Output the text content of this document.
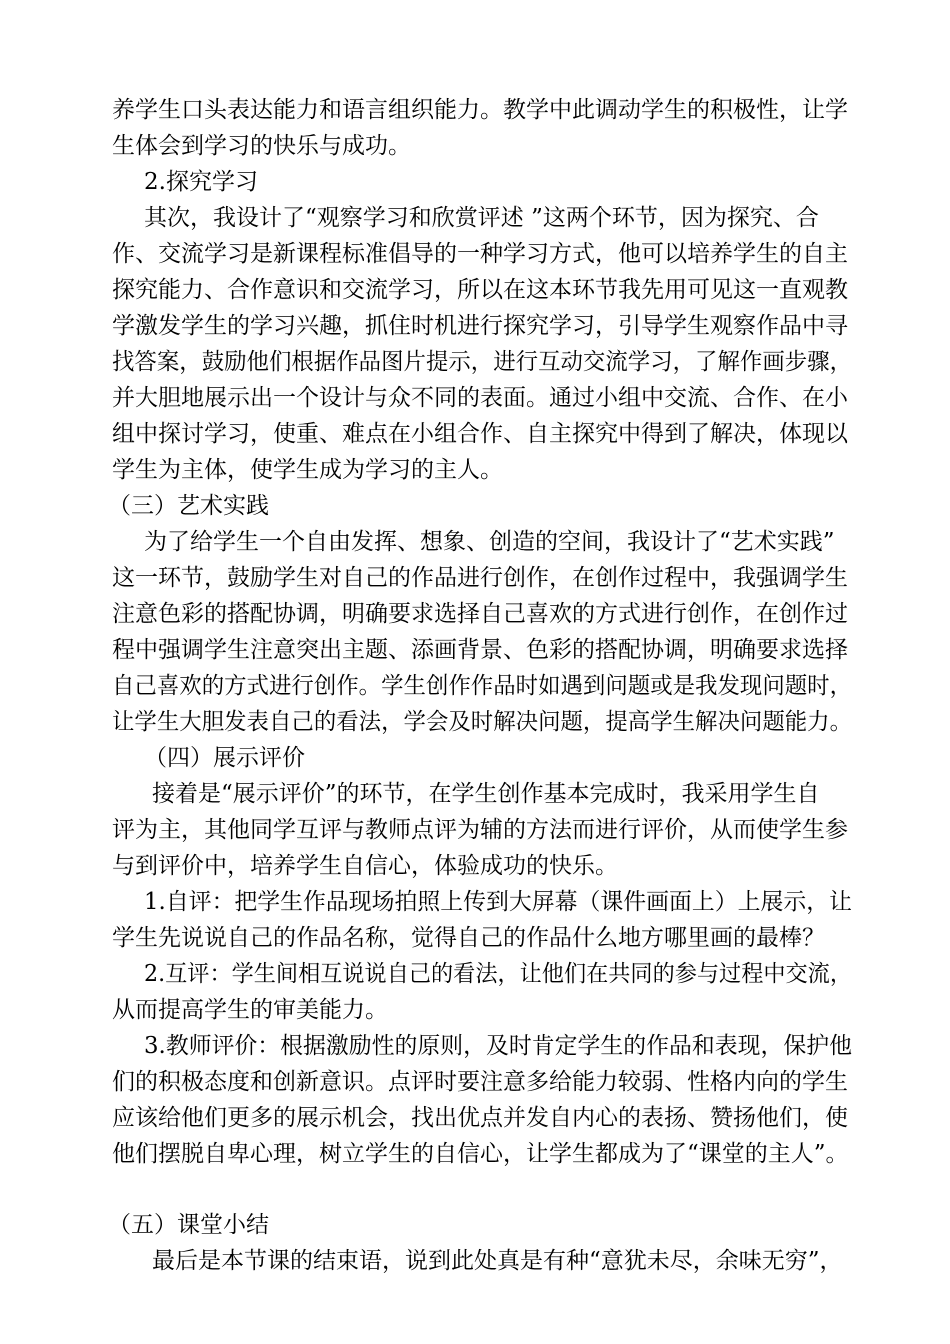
养学生口头表达能力和语言组织能力。教学中此调动学生的积极性，让学
生体会到学习的快乐与成功。
2.探究学习
其次，我设计了“观察学习和欣赏评述 ”这两个环节，因为探究、合
作、交流学习是新课程标准倡导的一种学习方式，他可以培养学生的自主
探究能力、合作意识和交流学习，所以在这本环节我先用可见这一直观教
学激发学生的学习兴趣，抓住时机进行探究学习，引导学生观察作品中寻
找答案，鼓励他们根据作品图片提示，进行互动交流学习，了解作画步骤，
并大胆地展示出一个设计与众不同的表面。通过小组中交流、合作、在小
组中探讨学习，使重、难点在小组合作、自主探究中得到了解决，体现以
学生为主体，使学生成为学习的主人。
（三）艺术实践
为了给学生一个自由发挥、想象、创造的空间，我设计了“艺术实践”
这一环节，鼓励学生对自己的作品进行创作，在创作过程中，我强调学生
注意色彩的搭配协调，明确要求选择自己喜欢的方式进行创作，在创作过
程中强调学生注意突出主题、添画背景、色彩的搭配协调，明确要求选择
自己喜欢的方式进行创作。学生创作作品时如遇到问题或是我发现问题时，
让学生大胆发表自己的看法，学会及时解决问题，提高学生解决问题能力。
（四）展示评价
接着是“展示评价”的环节，在学生创作基本完成时，我采用学生自
评为主，其他同学互评与教师点评为辅的方法而进行评价，从而使学生参
与到评价中，培养学生自信心，体验成功的快乐。
1.自评：把学生作品现场拍照上传到大屏幕（课件画面上）上展示，让
学生先说说自己的作品名称，觉得自己的作品什么地方哪里画的最棒？
2.互评：学生间相互说说自己的看法，让他们在共同的参与过程中交流，
从而提高学生的审美能力。
3.教师评价：根据激励性的原则，及时肯定学生的作品和表现，保护他
们的积极态度和创新意识。点评时要注意多给能力较弱、性格内向的学生
应该给他们更多的展示机会，找出优点并发自内心的表扬、赞扬他们，使
他们摆脱自卑心理，树立学生的自信心，让学生都成为了“课堂的主人”。
（五）课堂小结
最后是本节课的结束语，说到此处真是有种“意犹未尽，余味无穷”，
